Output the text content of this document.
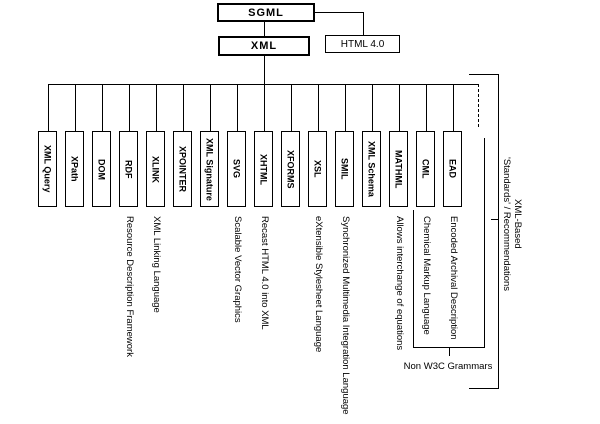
SGML
XML	HTML 4.0
XML Query XPath DOM RDF XLINK XPOINTER XML Signature SVG XHTML XFORMS XSL SMIL XML Schema MATHML CML EAD
Resource Description Framework XML Linking Language	Scalable Vector Graphics Recast HTML 4.0 into XML	eXtensible Stylesheet Language Synchronized Multimedia Integration Language	Allows interchange of equations Chemical Markup Language Encoded Archival Description
Non W3C Grammars
XML-Based
'Standards' / Recommendations
